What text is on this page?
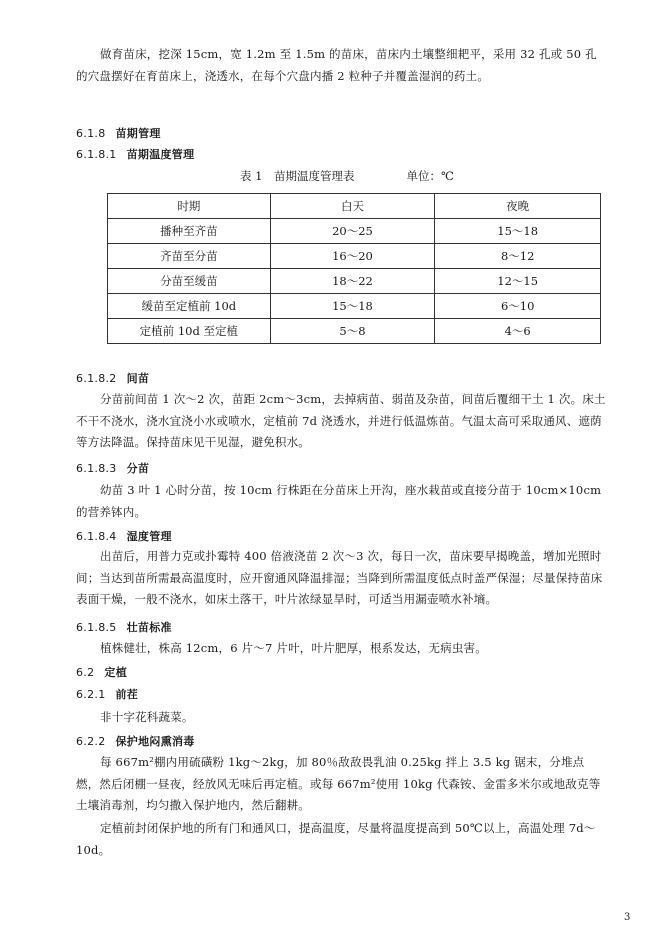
做育苗床，挖深 15cm，宽 1.2m 至 1.5m 的苗床，苗床内土壤整细耙平，采用 32 孔或 50 孔的穴盘摆好在育苗床上，浇透水，在每个穴盘内播 2 粒种子并覆盖湿润的药土。

6.1.8 苗期管理
6.1.8.1 苗期温度管理
表 1　苗期温度管理表	单位：℃
时期	白天	夜晚
播种至齐苗	20～25	15～18
齐苗至分苗	16～20	8～12
分苗至缓苗	18～22	12～15
缓苗至定植前 10d	15～18	6～10
定植前 10d 至定植	5～8	4～6
6.1.8.2 间苗

分苗前间苗 1 次～2 次，苗距 2cm～3cm，去掉病苗、弱苗及杂苗，间苗后覆细干土 1 次。床土不干不浇水，浇水宜浇小水或喷水，定植前 7d 浇透水，并进行低温炼苗。气温太高可采取通风、遮荫等方法降温。保持苗床见干见湿，避免积水。

6.1.8.3 分苗

幼苗 3 叶 1 心时分苗，按 10cm 行株距在分苗床上开沟，座水栽苗或直接分苗于 10cm×10cm 的营养钵内。

6.1.8.4 湿度管理

出苗后，用普力克或扑霉特 400 倍液浇苗 2 次～3 次，每日一次，苗床要早揭晚盖，增加光照时间；当达到苗所需最高温度时，应开窗通风降温排湿；当降到所需温度低点时盖严保湿；尽量保持苗床表面干燥，一般不浇水，如床土落干，叶片浓绿显旱时，可适当用漏壶喷水补墒。

6.1.8.5 壮苗标准

植株健壮，株高 12cm，6 片～7 片叶，叶片肥厚，根系发达，无病虫害。

6.2 定植
6.2.1 前茬

非十字花科蔬菜。

6.2.2 保护地闷熏消毒

每 667m²棚内用硫磺粉 1kg～2kg，加 80％敌敌畏乳油 0.25kg 拌上 3.5 kg 锯末，分堆点燃，然后闭棚一昼夜，经放风无味后再定植。或每 667m²使用 10kg 代森铵、金雷多米尔或地敌克等土壤消毒剂，均匀撒入保护地内，然后翻耕。

定植前封闭保护地的所有门和通风口，提高温度，尽量将温度提高到 50℃以上，高温处理 7d～10d。

3
